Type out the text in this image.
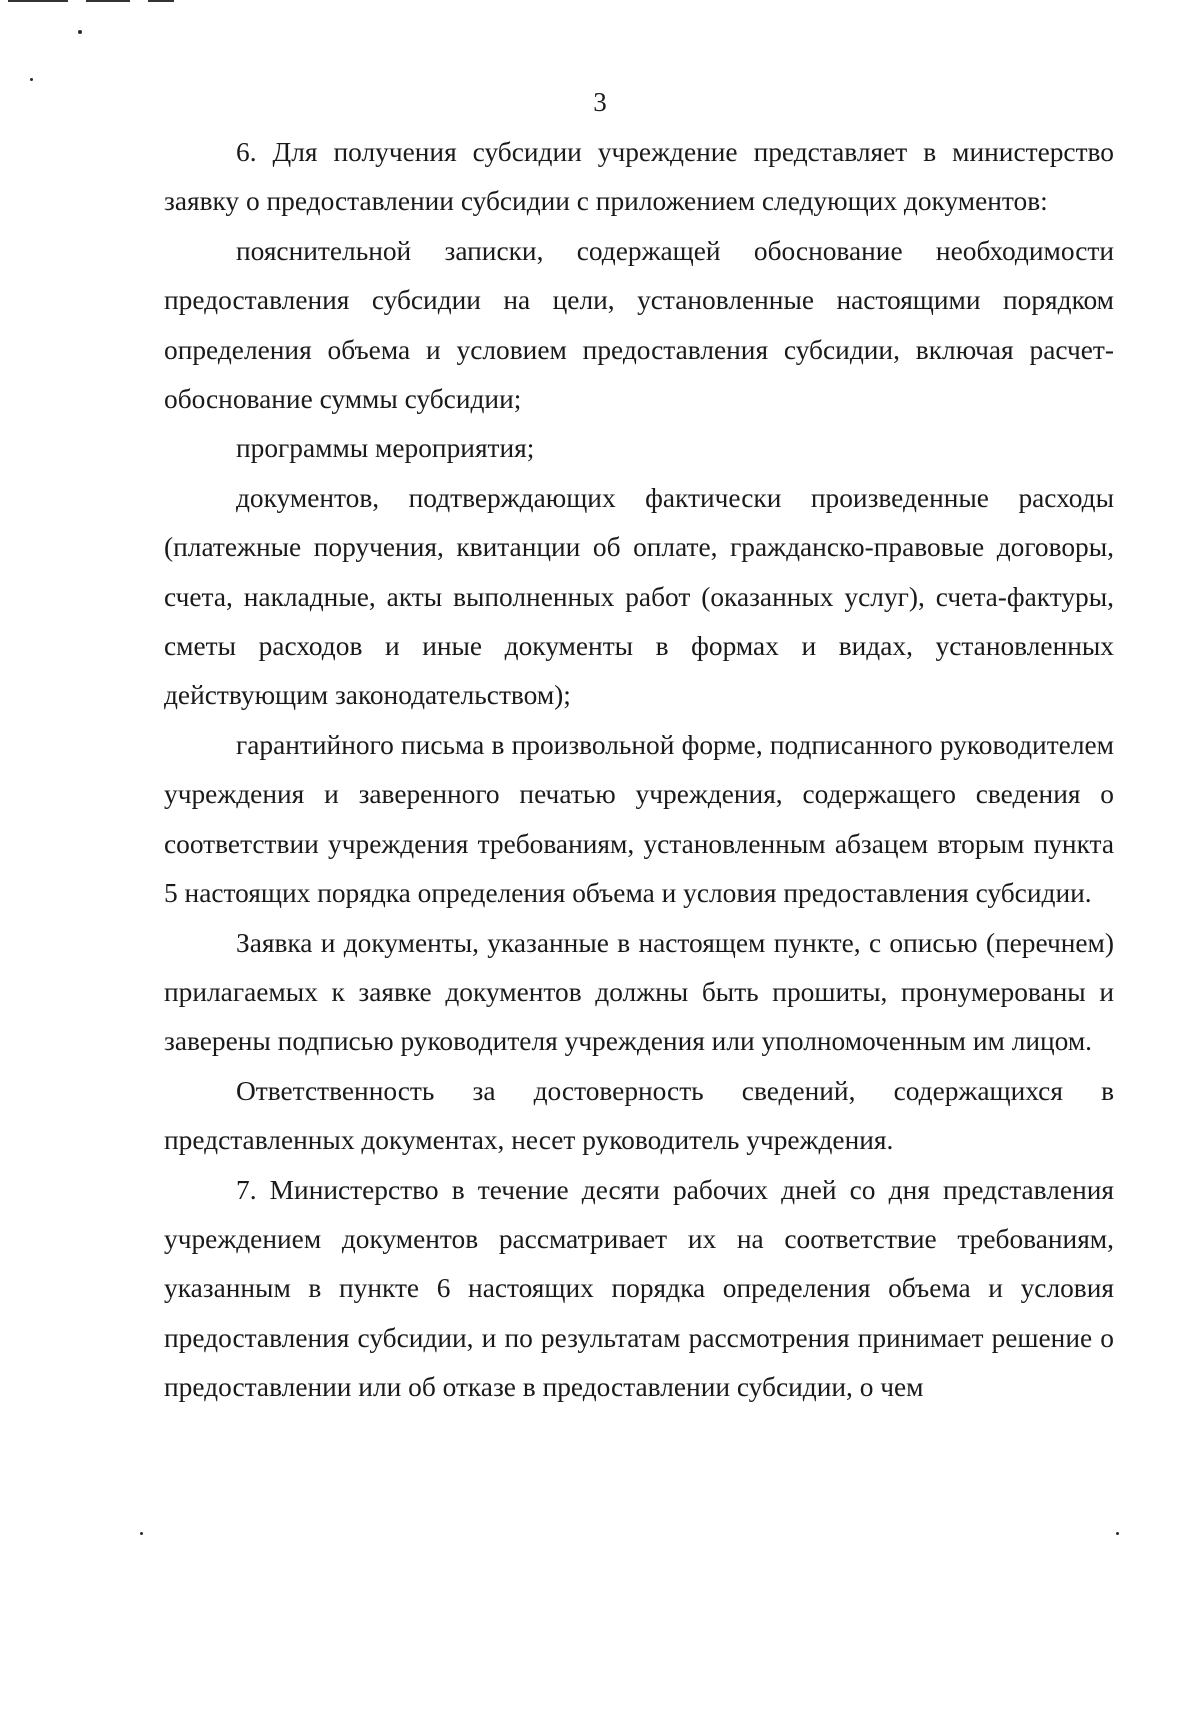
3

6. Для получения субсидии учреждение представляет в министерство заявку о предоставлении субсидии с приложением следующих документов:

пояснительной записки, содержащей обоснование необходимости предоставления субсидии на цели, установленные настоящими порядком определения объема и условием предоставления субсидии, включая расчет-обоснование суммы субсидии;

программы мероприятия;

документов, подтверждающих фактически произведенные расходы (платежные поручения, квитанции об оплате, гражданско-правовые договоры, счета, накладные, акты выполненных работ (оказанных услуг), счета-фактуры, сметы расходов и иные документы в формах и видах, установленных действующим законодательством);

гарантийного письма в произвольной форме, подписанного руководителем учреждения и заверенного печатью учреждения, содержащего сведения о соответствии учреждения требованиям, установленным абзацем вторым пункта 5 настоящих порядка определения объема и условия предоставления субсидии.

Заявка и документы, указанные в настоящем пункте, с описью (перечнем) прилагаемых к заявке документов должны быть прошиты, пронумерованы и заверены подписью руководителя учреждения или уполномоченным им лицом.

Ответственность за достоверность сведений, содержащихся в представленных документах, несет руководитель учреждения.

7. Министерство в течение десяти рабочих дней со дня представления учреждением документов рассматривает их на соответствие требованиям, указанным в пункте 6 настоящих порядка определения объема и условия предоставления субсидии, и по результатам рассмотрения принимает решение о предоставлении или об отказе в предоставлении субсидии, о чем
